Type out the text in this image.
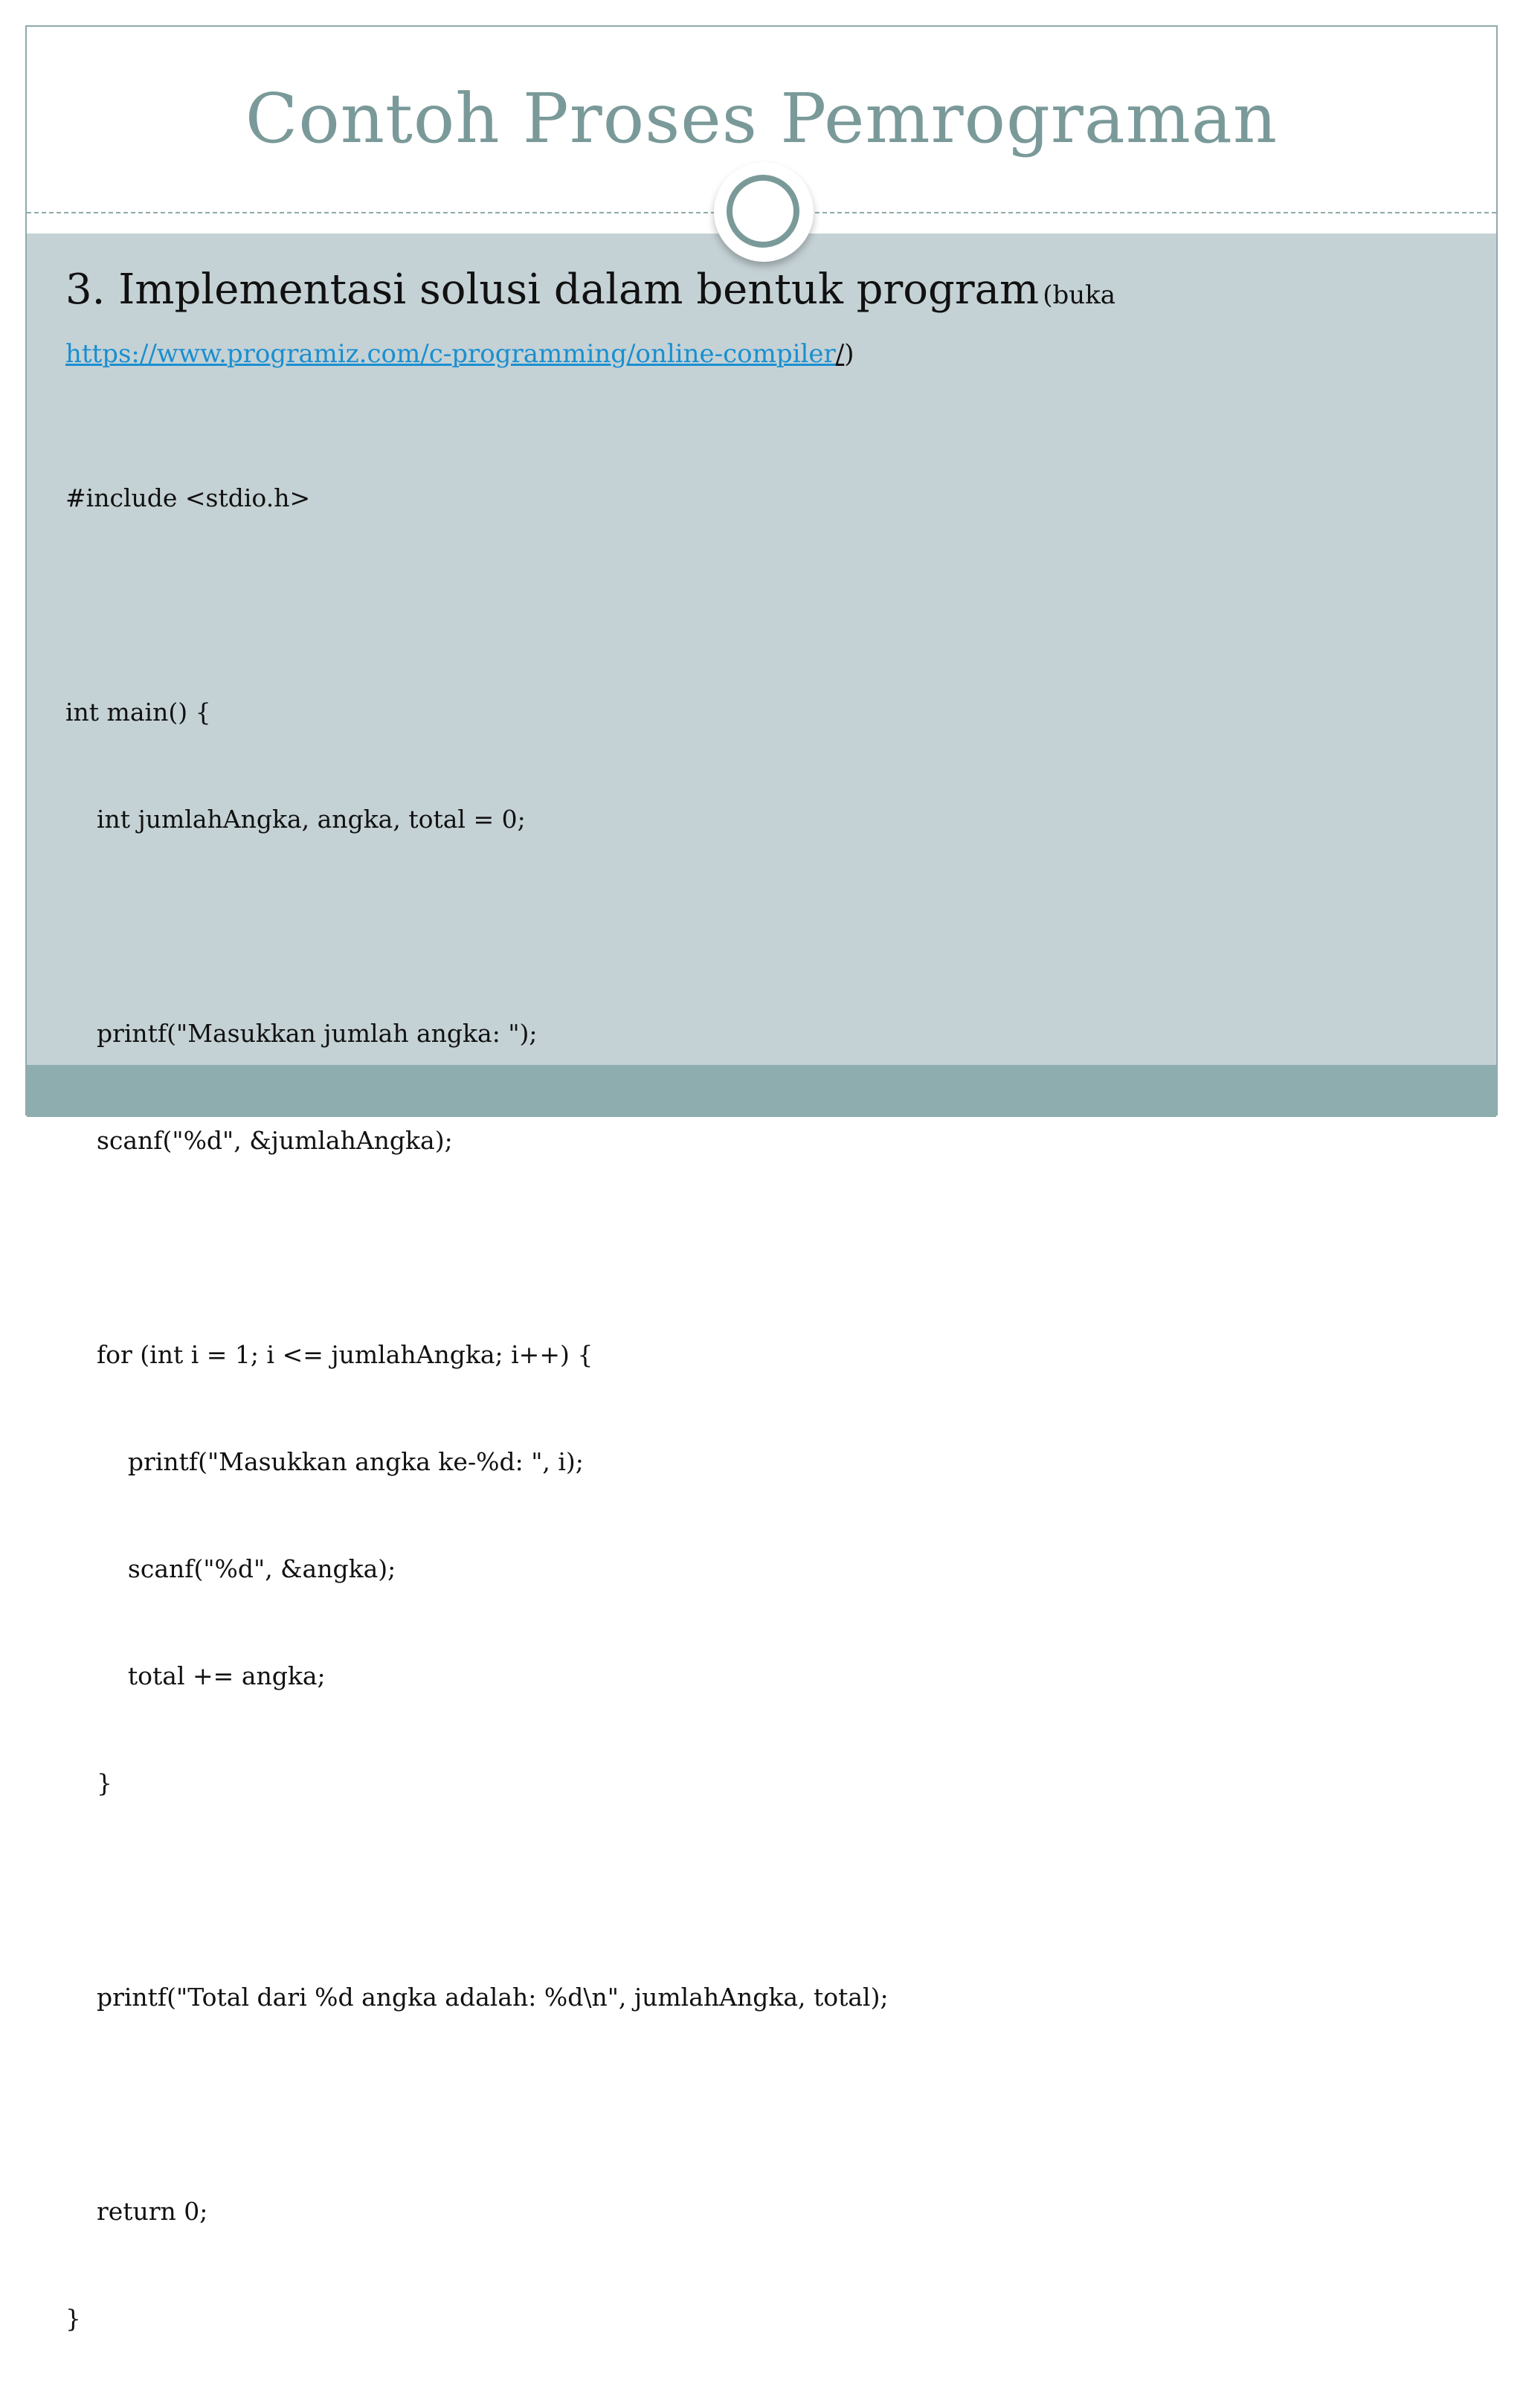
Contoh Proses Pemrograman
3. Implementasi solusi dalam bentuk program (buka
https://www.programiz.com/c-programming/online-compiler/)

#include <stdio.h>

int main() {

int jumlahAngka, angka, total = 0;

printf("Masukkan jumlah angka: ");

scanf("%d", &jumlahAngka);

for (int i = 1; i <= jumlahAngka; i++) {

printf("Masukkan angka ke-%d: ", i);

scanf("%d", &angka);

total += angka;

}

printf("Total dari %d angka adalah: %d\n", jumlahAngka, total);

return 0;

}
